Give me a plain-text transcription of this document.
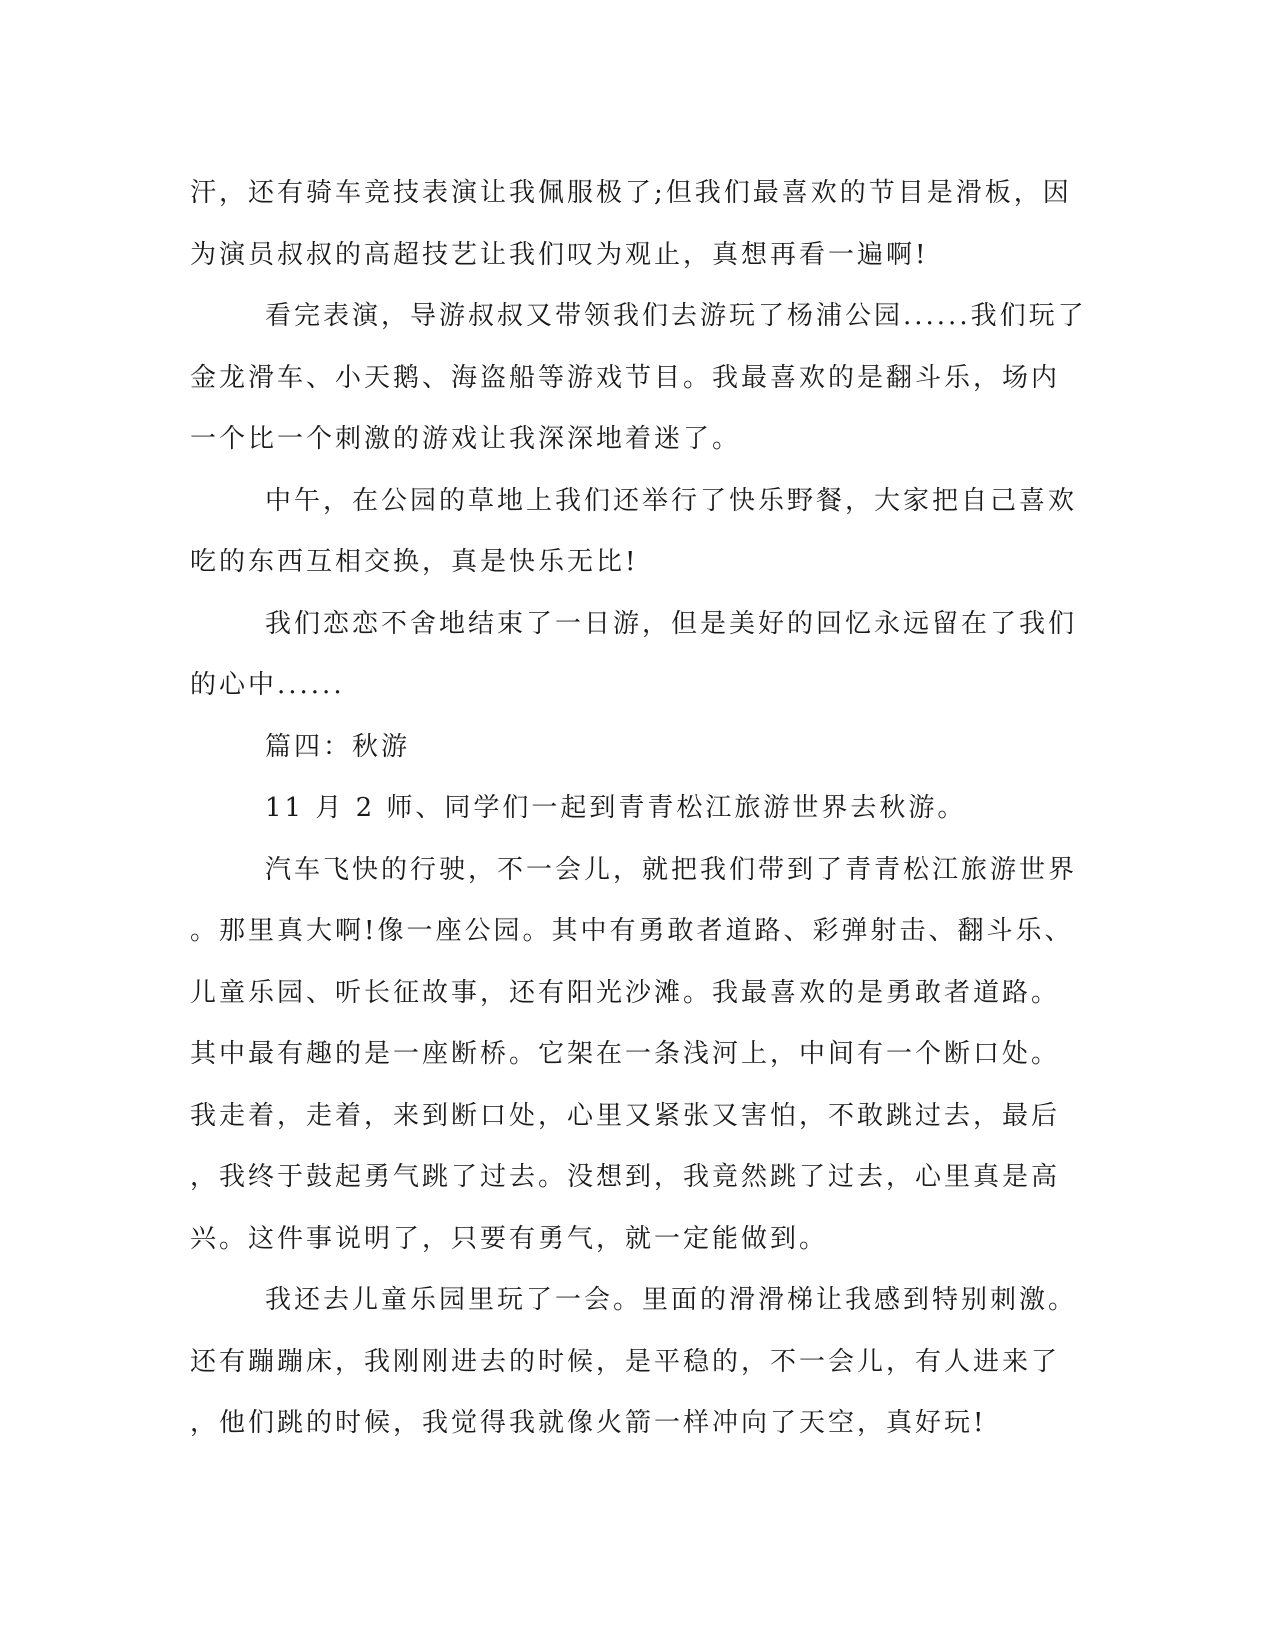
汗，还有骑车竞技表演让我佩服极了;但我们最喜欢的节目是滑板，因
为演员叔叔的高超技艺让我们叹为观止，真想再看一遍啊!
看完表演，导游叔叔又带领我们去游玩了杨浦公园......我们玩了
金龙滑车、小天鹅、海盗船等游戏节目。我最喜欢的是翻斗乐，场内
一个比一个刺激的游戏让我深深地着迷了。
中午，在公园的草地上我们还举行了快乐野餐，大家把自己喜欢
吃的东西互相交换，真是快乐无比!
我们恋恋不舍地结束了一日游，但是美好的回忆永远留在了我们
的心中......
篇四：秋游
11 月 2 师、同学们一起到青青松江旅游世界去秋游。
汽车飞快的行驶，不一会儿，就把我们带到了青青松江旅游世界
。那里真大啊!像一座公园。其中有勇敢者道路、彩弹射击、翻斗乐、
儿童乐园、听长征故事，还有阳光沙滩。我最喜欢的是勇敢者道路。
其中最有趣的是一座断桥。它架在一条浅河上，中间有一个断口处。
我走着，走着，来到断口处，心里又紧张又害怕，不敢跳过去，最后
，我终于鼓起勇气跳了过去。没想到，我竟然跳了过去，心里真是高
兴。这件事说明了，只要有勇气，就一定能做到。
我还去儿童乐园里玩了一会。里面的滑滑梯让我感到特别刺激。
还有蹦蹦床，我刚刚进去的时候，是平稳的，不一会儿，有人进来了
，他们跳的时候，我觉得我就像火箭一样冲向了天空，真好玩!
